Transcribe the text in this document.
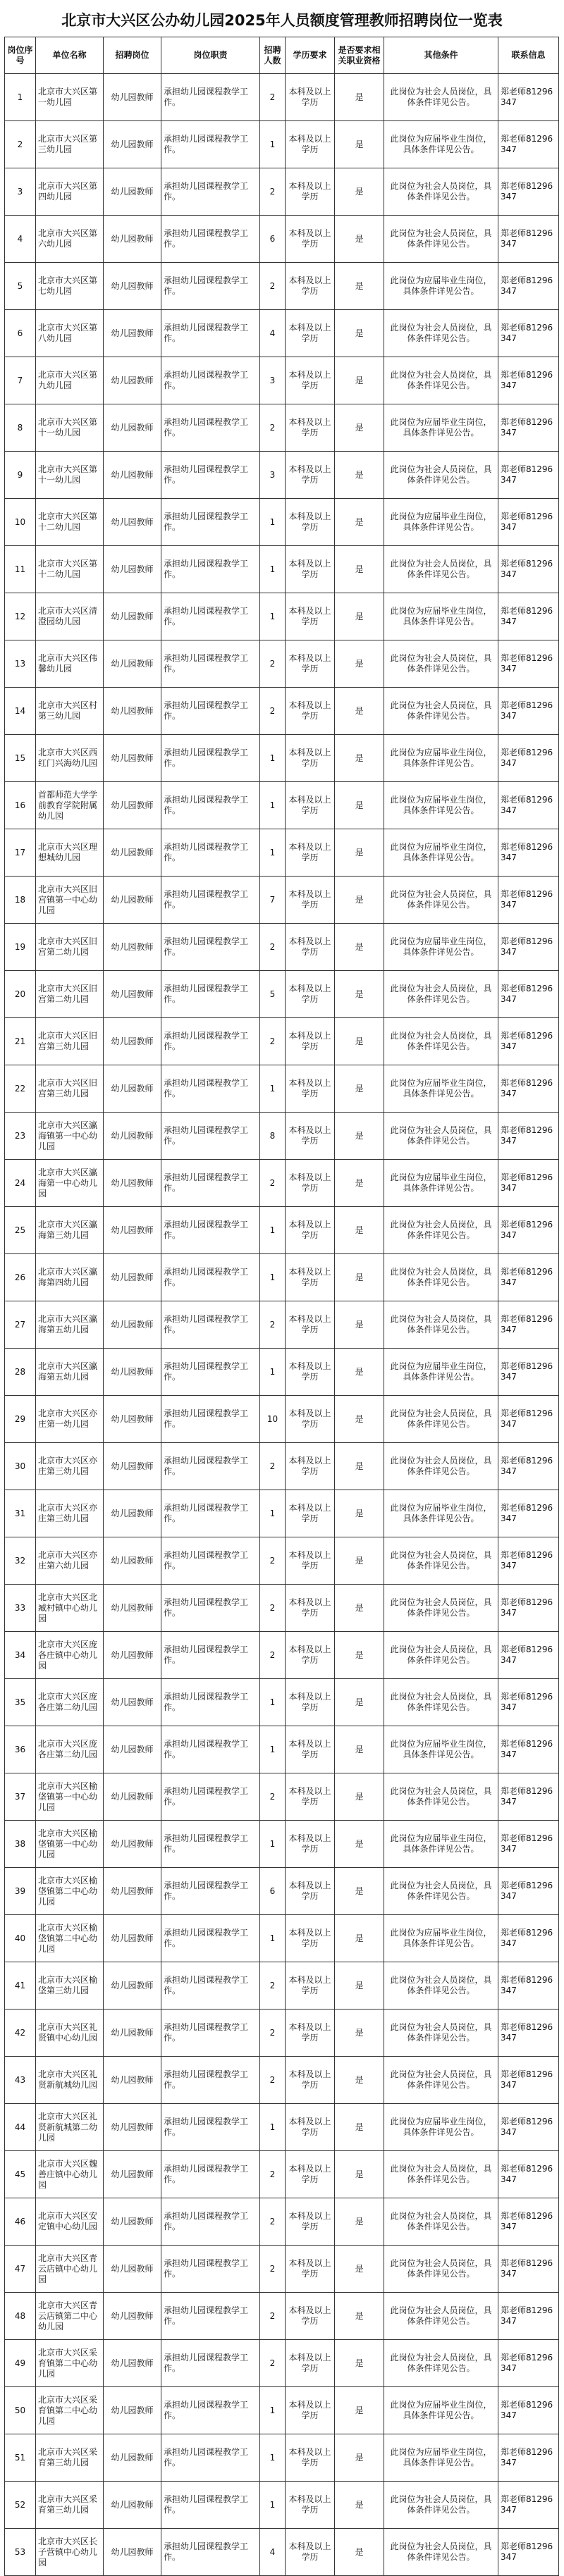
北京市大兴区公办幼儿园2025年人员额度管理教师招聘岗位一览表
岗位序号	单位名称	招聘岗位	岗位职责	招聘人数	学历要求	是否要求相关职业资格	其他条件	联系信息
1	北京市大兴区第一幼儿园	幼儿园教师	承担幼儿园课程教学工作。	2	本科及以上学历	是	此岗位为社会人员岗位，具体条件详见公告。	郑老师81296347
2	北京市大兴区第三幼儿园	幼儿园教师	承担幼儿园课程教学工作。	1	本科及以上学历	是	此岗位为应届毕业生岗位，具体条件详见公告。	郑老师81296347
3	北京市大兴区第四幼儿园	幼儿园教师	承担幼儿园课程教学工作。	2	本科及以上学历	是	此岗位为社会人员岗位，具体条件详见公告。	郑老师81296347
4	北京市大兴区第六幼儿园	幼儿园教师	承担幼儿园课程教学工作。	6	本科及以上学历	是	此岗位为社会人员岗位，具体条件详见公告。	郑老师81296347
5	北京市大兴区第七幼儿园	幼儿园教师	承担幼儿园课程教学工作。	2	本科及以上学历	是	此岗位为应届毕业生岗位，具体条件详见公告。	郑老师81296347
6	北京市大兴区第八幼儿园	幼儿园教师	承担幼儿园课程教学工作。	4	本科及以上学历	是	此岗位为社会人员岗位，具体条件详见公告。	郑老师81296347
7	北京市大兴区第九幼儿园	幼儿园教师	承担幼儿园课程教学工作。	3	本科及以上学历	是	此岗位为社会人员岗位，具体条件详见公告。	郑老师81296347
8	北京市大兴区第十一幼儿园	幼儿园教师	承担幼儿园课程教学工作。	2	本科及以上学历	是	此岗位为应届毕业生岗位，具体条件详见公告。	郑老师81296347
9	北京市大兴区第十一幼儿园	幼儿园教师	承担幼儿园课程教学工作。	3	本科及以上学历	是	此岗位为社会人员岗位，具体条件详见公告。	郑老师81296347
10	北京市大兴区第十二幼儿园	幼儿园教师	承担幼儿园课程教学工作。	1	本科及以上学历	是	此岗位为应届毕业生岗位，具体条件详见公告。	郑老师81296347
11	北京市大兴区第十二幼儿园	幼儿园教师	承担幼儿园课程教学工作。	1	本科及以上学历	是	此岗位为社会人员岗位，具体条件详见公告。	郑老师81296347
12	北京市大兴区清澄园幼儿园	幼儿园教师	承担幼儿园课程教学工作。	1	本科及以上学历	是	此岗位为应届毕业生岗位，具体条件详见公告。	郑老师81296347
13	北京市大兴区伟馨幼儿园	幼儿园教师	承担幼儿园课程教学工作。	2	本科及以上学历	是	此岗位为社会人员岗位，具体条件详见公告。	郑老师81296347
14	北京市大兴区村第三幼儿园	幼儿园教师	承担幼儿园课程教学工作。	2	本科及以上学历	是	此岗位为社会人员岗位，具体条件详见公告。	郑老师81296347
15	北京市大兴区西红门兴海幼儿园	幼儿园教师	承担幼儿园课程教学工作。	1	本科及以上学历	是	此岗位为应届毕业生岗位，具体条件详见公告。	郑老师81296347
16	首都师范大学学前教育学院附属幼儿园	幼儿园教师	承担幼儿园课程教学工作。	1	本科及以上学历	是	此岗位为应届毕业生岗位，具体条件详见公告。	郑老师81296347
17	北京市大兴区理想城幼儿园	幼儿园教师	承担幼儿园课程教学工作。	1	本科及以上学历	是	此岗位为应届毕业生岗位，具体条件详见公告。	郑老师81296347
18	北京市大兴区旧宫镇第一中心幼儿园	幼儿园教师	承担幼儿园课程教学工作。	7	本科及以上学历	是	此岗位为社会人员岗位，具体条件详见公告。	郑老师81296347
19	北京市大兴区旧宫第二幼儿园	幼儿园教师	承担幼儿园课程教学工作。	2	本科及以上学历	是	此岗位为应届毕业生岗位，具体条件详见公告。	郑老师81296347
20	北京市大兴区旧宫第二幼儿园	幼儿园教师	承担幼儿园课程教学工作。	5	本科及以上学历	是	此岗位为社会人员岗位，具体条件详见公告。	郑老师81296347
21	北京市大兴区旧宫第三幼儿园	幼儿园教师	承担幼儿园课程教学工作。	2	本科及以上学历	是	此岗位为社会人员岗位，具体条件详见公告。	郑老师81296347
22	北京市大兴区旧宫第三幼儿园	幼儿园教师	承担幼儿园课程教学工作。	1	本科及以上学历	是	此岗位为应届毕业生岗位，具体条件详见公告。	郑老师81296347
23	北京市大兴区瀛海镇第一中心幼儿园	幼儿园教师	承担幼儿园课程教学工作。	8	本科及以上学历	是	此岗位为社会人员岗位，具体条件详见公告。	郑老师81296347
24	北京市大兴区瀛海第一中心幼儿园	幼儿园教师	承担幼儿园课程教学工作。	2	本科及以上学历	是	此岗位为应届毕业生岗位，具体条件详见公告。	郑老师81296347
25	北京市大兴区瀛海第三幼儿园	幼儿园教师	承担幼儿园课程教学工作。	1	本科及以上学历	是	此岗位为社会人员岗位，具体条件详见公告。	郑老师81296347
26	北京市大兴区瀛海第四幼儿园	幼儿园教师	承担幼儿园课程教学工作。	1	本科及以上学历	是	此岗位为社会人员岗位，具体条件详见公告。	郑老师81296347
27	北京市大兴区瀛海第五幼儿园	幼儿园教师	承担幼儿园课程教学工作。	2	本科及以上学历	是	此岗位为社会人员岗位，具体条件详见公告。	郑老师81296347
28	北京市大兴区瀛海第五幼儿园	幼儿园教师	承担幼儿园课程教学工作。	1	本科及以上学历	是	此岗位为应届毕业生岗位，具体条件详见公告。	郑老师81296347
29	北京市大兴区亦庄第一幼儿园	幼儿园教师	承担幼儿园课程教学工作。	10	本科及以上学历	是	此岗位为社会人员岗位，具体条件详见公告。	郑老师81296347
30	北京市大兴区亦庄第三幼儿园	幼儿园教师	承担幼儿园课程教学工作。	2	本科及以上学历	是	此岗位为社会人员岗位，具体条件详见公告。	郑老师81296347
31	北京市大兴区亦庄第三幼儿园	幼儿园教师	承担幼儿园课程教学工作。	1	本科及以上学历	是	此岗位为应届毕业生岗位，具体条件详见公告。	郑老师81296347
32	北京市大兴区亦庄第六幼儿园	幼儿园教师	承担幼儿园课程教学工作。	2	本科及以上学历	是	此岗位为社会人员岗位，具体条件详见公告。	郑老师81296347
33	北京市大兴区北臧村镇中心幼儿园	幼儿园教师	承担幼儿园课程教学工作。	2	本科及以上学历	是	此岗位为社会人员岗位，具体条件详见公告。	郑老师81296347
34	北京市大兴区庞各庄镇中心幼儿园	幼儿园教师	承担幼儿园课程教学工作。	2	本科及以上学历	是	此岗位为社会人员岗位，具体条件详见公告。	郑老师81296347
35	北京市大兴区庞各庄第二幼儿园	幼儿园教师	承担幼儿园课程教学工作。	1	本科及以上学历	是	此岗位为社会人员岗位，具体条件详见公告。	郑老师81296347
36	北京市大兴区庞各庄第二幼儿园	幼儿园教师	承担幼儿园课程教学工作。	1	本科及以上学历	是	此岗位为应届毕业生岗位，具体条件详见公告。	郑老师81296347
37	北京市大兴区榆垡镇第一中心幼儿园	幼儿园教师	承担幼儿园课程教学工作。	2	本科及以上学历	是	此岗位为社会人员岗位，具体条件详见公告。	郑老师81296347
38	北京市大兴区榆垡镇第一中心幼儿园	幼儿园教师	承担幼儿园课程教学工作。	1	本科及以上学历	是	此岗位为应届毕业生岗位，具体条件详见公告。	郑老师81296347
39	北京市大兴区榆垡镇第二中心幼儿园	幼儿园教师	承担幼儿园课程教学工作。	6	本科及以上学历	是	此岗位为社会人员岗位，具体条件详见公告。	郑老师81296347
40	北京市大兴区榆垡镇第二中心幼儿园	幼儿园教师	承担幼儿园课程教学工作。	1	本科及以上学历	是	此岗位为应届毕业生岗位，具体条件详见公告。	郑老师81296347
41	北京市大兴区榆垡第三幼儿园	幼儿园教师	承担幼儿园课程教学工作。	2	本科及以上学历	是	此岗位为社会人员岗位，具体条件详见公告。	郑老师81296347
42	北京市大兴区礼贤镇中心幼儿园	幼儿园教师	承担幼儿园课程教学工作。	2	本科及以上学历	是	此岗位为社会人员岗位，具体条件详见公告。	郑老师81296347
43	北京市大兴区礼贤新航城幼儿园	幼儿园教师	承担幼儿园课程教学工作。	2	本科及以上学历	是	此岗位为社会人员岗位，具体条件详见公告。	郑老师81296347
44	北京市大兴区礼贤新航城第二幼儿园	幼儿园教师	承担幼儿园课程教学工作。	1	本科及以上学历	是	此岗位为应届毕业生岗位，具体条件详见公告。	郑老师81296347
45	北京市大兴区魏善庄镇中心幼儿园	幼儿园教师	承担幼儿园课程教学工作。	2	本科及以上学历	是	此岗位为社会人员岗位，具体条件详见公告。	郑老师81296347
46	北京市大兴区安定镇中心幼儿园	幼儿园教师	承担幼儿园课程教学工作。	2	本科及以上学历	是	此岗位为社会人员岗位，具体条件详见公告。	郑老师81296347
47	北京市大兴区青云店镇中心幼儿园	幼儿园教师	承担幼儿园课程教学工作。	2	本科及以上学历	是	此岗位为社会人员岗位，具体条件详见公告。	郑老师81296347
48	北京市大兴区青云店镇第二中心幼儿园	幼儿园教师	承担幼儿园课程教学工作。	2	本科及以上学历	是	此岗位为社会人员岗位，具体条件详见公告。	郑老师81296347
49	北京市大兴区采育镇第二中心幼儿园	幼儿园教师	承担幼儿园课程教学工作。	2	本科及以上学历	是	此岗位为社会人员岗位，具体条件详见公告。	郑老师81296347
50	北京市大兴区采育镇第二中心幼儿园	幼儿园教师	承担幼儿园课程教学工作。	1	本科及以上学历	是	此岗位为应届毕业生岗位，具体条件详见公告。	郑老师81296347
51	北京市大兴区采育第三幼儿园	幼儿园教师	承担幼儿园课程教学工作。	1	本科及以上学历	是	此岗位为应届毕业生岗位，具体条件详见公告。	郑老师81296347
52	北京市大兴区采育第三幼儿园	幼儿园教师	承担幼儿园课程教学工作。	1	本科及以上学历	是	此岗位为社会人员岗位，具体条件详见公告。	郑老师81296347
53	北京市大兴区长子营镇中心幼儿园	幼儿园教师	承担幼儿园课程教学工作。	4	本科及以上学历	是	此岗位为社会人员岗位，具体条件详见公告。	郑老师81296347
